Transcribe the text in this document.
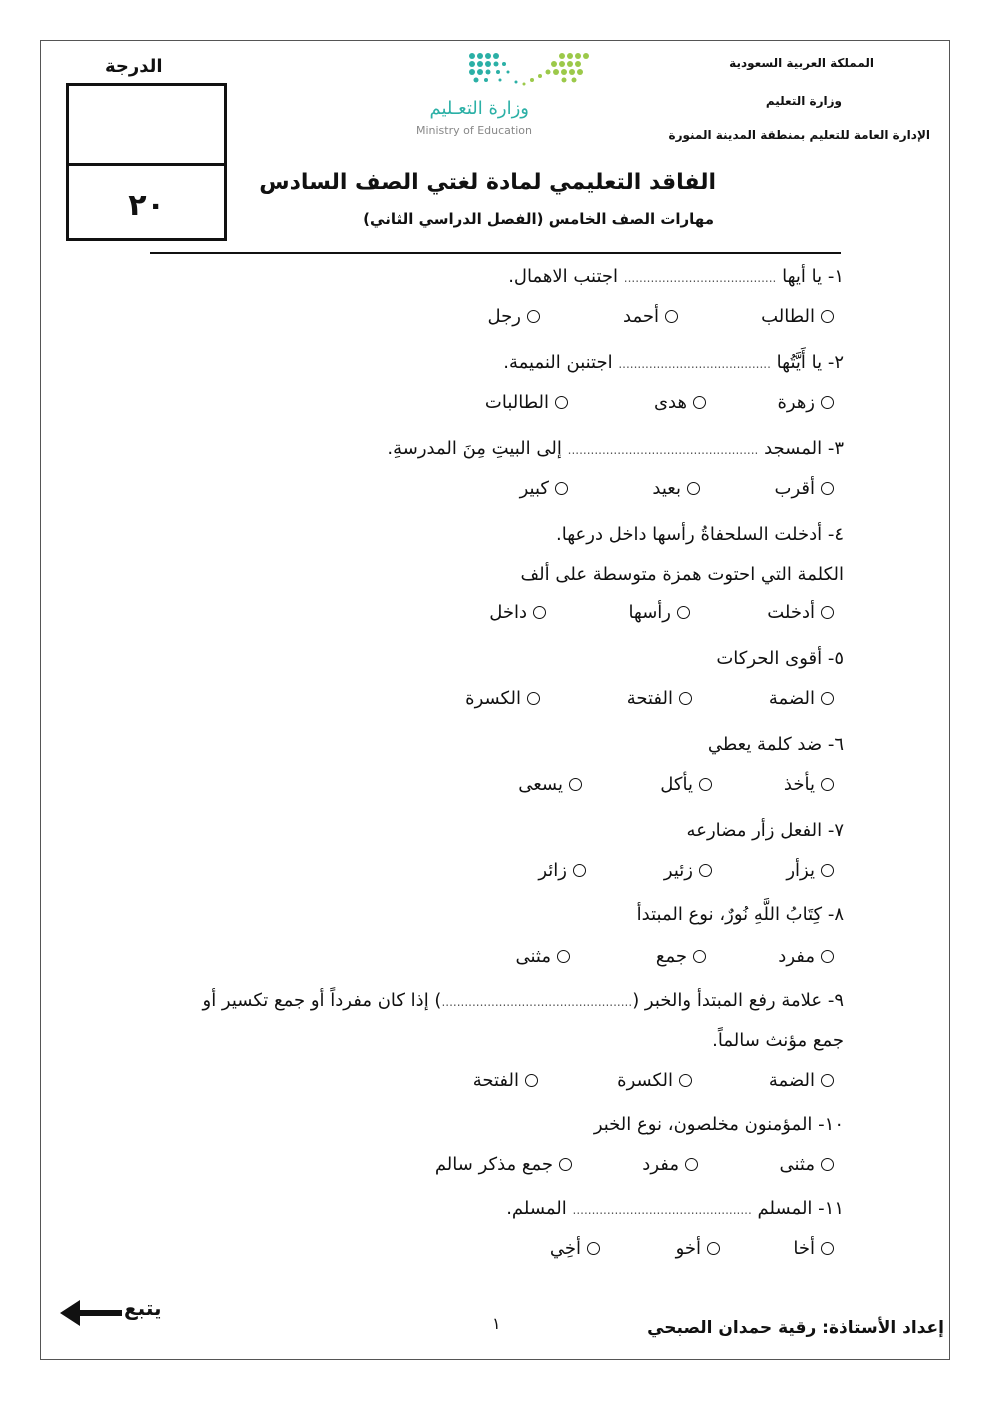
المملكة العربية السعودية
وزارة التعليم
الإدارة العامة للتعليم بمنطقة المدينة المنورة
الدرجة
٢٠
وزارة التعـليم
Ministry of Education
الفاقد التعليمي لمادة لغتي الصف السادس
مهارات الصف الخامس (الفصل الدراسي الثاني)
١- يا أيها ........................................ اجتنب الاهمال.
الطالب
أحمد
رجل
٢- يا أَيَّتُها ........................................ اجتنبن النميمة.
زهرة
هدى
الطالبات
٣- المسجد .................................................. إلى البيتِ مِنَ المدرسةِ.
أقرب
بعيد
كبير
٤- أدخلت السلحفاةُ رأسها داخل درعها.
الكلمة التي احتوت همزة متوسطة على ألف
أدخلت
رأسها
داخل
٥- أقوى الحركات
الضمة
الفتحة
الكسرة
٦- ضد كلمة يعطي
يأخذ
يأكل
يسعى
٧- الفعل زأر مضارعه
يزأر
زئير
زائر
٨- كِتَابُ اللَّهِ نُورٌ، نوع المبتدأ
مفرد
جمع
مثنى
٩- علامة رفع المبتدأ والخبر (..................................................) إذا كان مفرداً أو جمع تكسير أو
جمع مؤنث سالماً.
الضمة
الكسرة
الفتحة
١٠- المؤمنون مخلصون، نوع الخبر
مثنى
مفرد
جمع مذكر سالم
١١- المسلم ............................................... المسلم.
أخا
أخو
أخِي
إعداد الأستاذة: رقية حمدان الصبحي
١
يتبع
